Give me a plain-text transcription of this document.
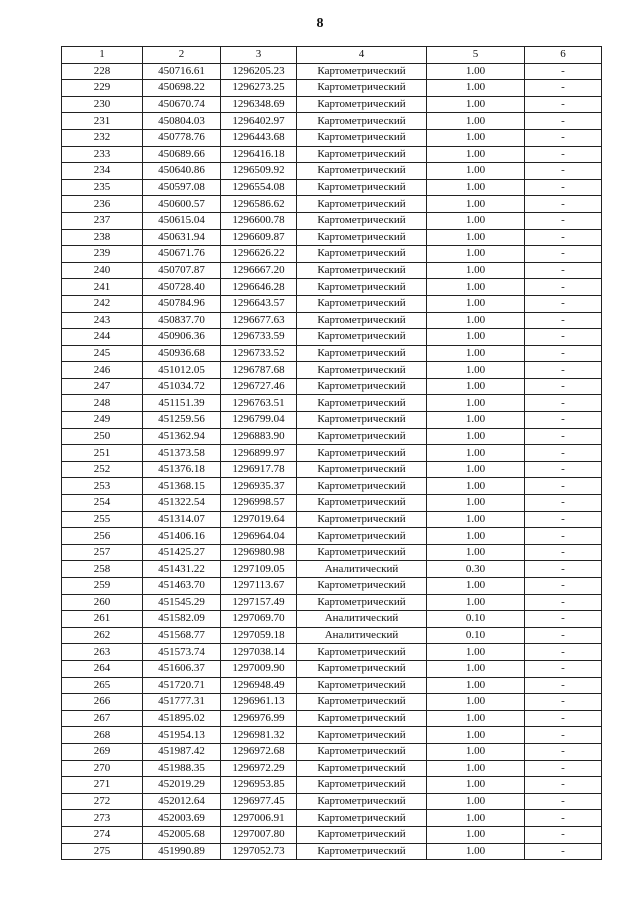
8
1	2	3	4	5	6
228	450716.61	1296205.23	Картометрический	1.00	-
229	450698.22	1296273.25	Картометрический	1.00	-
230	450670.74	1296348.69	Картометрический	1.00	-
231	450804.03	1296402.97	Картометрический	1.00	-
232	450778.76	1296443.68	Картометрический	1.00	-
233	450689.66	1296416.18	Картометрический	1.00	-
234	450640.86	1296509.92	Картометрический	1.00	-
235	450597.08	1296554.08	Картометрический	1.00	-
236	450600.57	1296586.62	Картометрический	1.00	-
237	450615.04	1296600.78	Картометрический	1.00	-
238	450631.94	1296609.87	Картометрический	1.00	-
239	450671.76	1296626.22	Картометрический	1.00	-
240	450707.87	1296667.20	Картометрический	1.00	-
241	450728.40	1296646.28	Картометрический	1.00	-
242	450784.96	1296643.57	Картометрический	1.00	-
243	450837.70	1296677.63	Картометрический	1.00	-
244	450906.36	1296733.59	Картометрический	1.00	-
245	450936.68	1296733.52	Картометрический	1.00	-
246	451012.05	1296787.68	Картометрический	1.00	-
247	451034.72	1296727.46	Картометрический	1.00	-
248	451151.39	1296763.51	Картометрический	1.00	-
249	451259.56	1296799.04	Картометрический	1.00	-
250	451362.94	1296883.90	Картометрический	1.00	-
251	451373.58	1296899.97	Картометрический	1.00	-
252	451376.18	1296917.78	Картометрический	1.00	-
253	451368.15	1296935.37	Картометрический	1.00	-
254	451322.54	1296998.57	Картометрический	1.00	-
255	451314.07	1297019.64	Картометрический	1.00	-
256	451406.16	1296964.04	Картометрический	1.00	-
257	451425.27	1296980.98	Картометрический	1.00	-
258	451431.22	1297109.05	Аналитический	0.30	-
259	451463.70	1297113.67	Картометрический	1.00	-
260	451545.29	1297157.49	Картометрический	1.00	-
261	451582.09	1297069.70	Аналитический	0.10	-
262	451568.77	1297059.18	Аналитический	0.10	-
263	451573.74	1297038.14	Картометрический	1.00	-
264	451606.37	1297009.90	Картометрический	1.00	-
265	451720.71	1296948.49	Картометрический	1.00	-
266	451777.31	1296961.13	Картометрический	1.00	-
267	451895.02	1296976.99	Картометрический	1.00	-
268	451954.13	1296981.32	Картометрический	1.00	-
269	451987.42	1296972.68	Картометрический	1.00	-
270	451988.35	1296972.29	Картометрический	1.00	-
271	452019.29	1296953.85	Картометрический	1.00	-
272	452012.64	1296977.45	Картометрический	1.00	-
273	452003.69	1297006.91	Картометрический	1.00	-
274	452005.68	1297007.80	Картометрический	1.00	-
275	451990.89	1297052.73	Картометрический	1.00	-
